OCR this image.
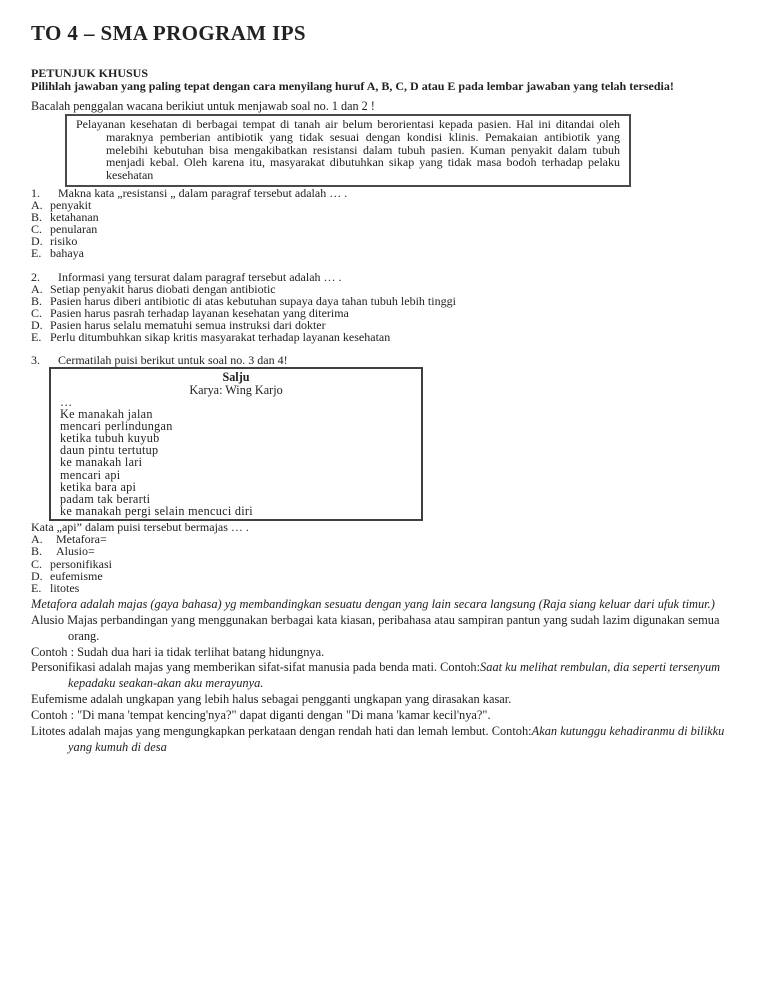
TO 4 – SMA PROGRAM IPS
PETUNJUK KHUSUS
Pilihlah jawaban yang paling tepat dengan cara menyilang huruf A, B, C, D atau E pada lembar jawaban yang telah tersedia!
Bacalah penggalan wacana berikiut untuk menjawab soal no. 1 dan 2 !

Pelayanan kesehatan di berbagai tempat di tanah air belum berorientasi kepada pasien. Hal ini ditandai oleh maraknya pemberian antibiotik yang tidak sesuai dengan kondisi klinis. Pemakaian antibiotik yang melebihi kebutuhan bisa mengakibatkan resistansi dalam tubuh pasien. Kuman penyakit dalam tubuh menjadi kebal. Oleh karena itu, masyarakat dibutuhkan sikap yang tidak masa bodoh terhadap pelaku kesehatan

1.	Makna kata „resistansi „ dalam paragraf tersebut adalah … .
A. penyakit
B. ketahanan
C. penularan
D. risiko
E. bahaya
2.	Informasi yang tersurat dalam paragraf tersebut adalah … .
A. Setiap penyakit harus diobati dengan antibiotic
B. Pasien harus diberi antibiotic di atas kebutuhan supaya daya tahan tubuh lebih tinggi
C. Pasien harus pasrah terhadap layanan kesehatan yang diterima
D. Pasien harus selalu mematuhi semua instruksi dari dokter
E. Perlu ditumbuhkan sikap kritis masyarakat terhadap layanan kesehatan
3.	Cermatilah puisi berikut untuk soal no. 3 dan 4!
Salju
Karya: Wing Karjo
…
Ke manakah jalan
mencari perlindungan
ketika tubuh kuyub
daun pintu tertutup
ke manakah lari
mencari api
ketika bara api
padam tak berarti
ke manakah pergi selain mencuci diri
Kata „api” dalam puisi tersebut bermajas … .
A.	Metafora=
B.	Alusio=
C. personifikasi
D. eufemisme
E. litotes

Metafora adalah majas (gaya bahasa) yg membandingkan sesuatu dengan yang lain secara langsung (Raja siang keluar dari ufuk timur.)

Alusio Majas perbandingan yang menggunakan berbagai kata kiasan, peribahasa atau sampiran pantun yang sudah lazim digunakan semua orang.

Contoh : Sudah dua hari ia tidak terlihat batang hidungnya.

Personifikasi adalah majas yang memberikan sifat-sifat manusia pada benda mati. Contoh:Saat ku melihat rembulan, dia seperti tersenyum kepadaku seakan-akan aku merayunya.

Eufemisme adalah ungkapan yang lebih halus sebagai pengganti ungkapan yang dirasakan kasar.

Contoh : "Di mana 'tempat kencing'nya?" dapat diganti dengan "Di mana 'kamar kecil'nya?".

Litotes adalah majas yang mengungkapkan perkataan dengan rendah hati dan lemah lembut. Contoh:Akan kutunggu kehadiranmu di bilikku yang kumuh di desa
